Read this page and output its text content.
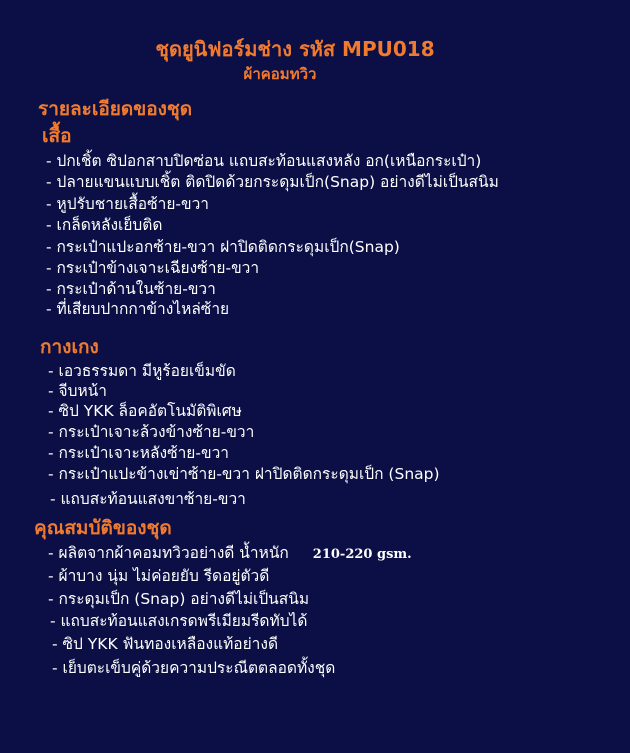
ชุดยูนิฟอร์มช่าง รหัส MPU018
ผ้าคอมทวิว
รายละเอียดของชุด
เสื้อ
- ปกเชิ้ต ซิปอกสาบปิดซ่อน แถบสะท้อนแสงหลัง อก(เหนือกระเป๋า)
- ปลายแขนแบบเชิ้ต ติดปิดด้วยกระดุมเป็ก(Snap) อย่างดีไม่เป็นสนิม
- หูปรับชายเสื้อซ้าย-ขวา
- เกล็ดหลังเย็บติด
- กระเป๋าแปะอกซ้าย-ขวา ฝาปิดติดกระดุมเป็ก(Snap)
- กระเป๋าข้างเจาะเฉียงซ้าย-ขวา
- กระเป๋าด้านในซ้าย-ขวา
- ที่เสียบปากกาข้างไหล่ซ้าย
กางเกง
- เอวธรรมดา มีหูร้อยเข็มขัด
- จีบหน้า
- ซิป YKK ล็อคอัตโนมัติพิเศษ
- กระเป๋าเจาะล้วงข้างซ้าย-ขวา
- กระเป๋าเจาะหลังซ้าย-ขวา
- กระเป๋าแปะข้างเข่าซ้าย-ขวา ฝาปิดติดกระดุมเป็ก (Snap)
- แถบสะท้อนแสงขาซ้าย-ขวา
คุณสมบัติของชุด
- ผลิตจากผ้าคอมทวิวอย่างดี น้ำหนัก 210-220 gsm.
- ผ้าบาง นุ่ม ไม่ค่อยยับ รีดอยู่ตัวดี
- กระดุมเป็ก (Snap) อย่างดีไม่เป็นสนิม
- แถบสะท้อนแสงเกรดพรีเมียมรีดทับได้
- ซิป YKK ฟันทองเหลืองแท้อย่างดี
- เย็บตะเข็บคู่ด้วยความประณีตตลอดทั้งชุด
